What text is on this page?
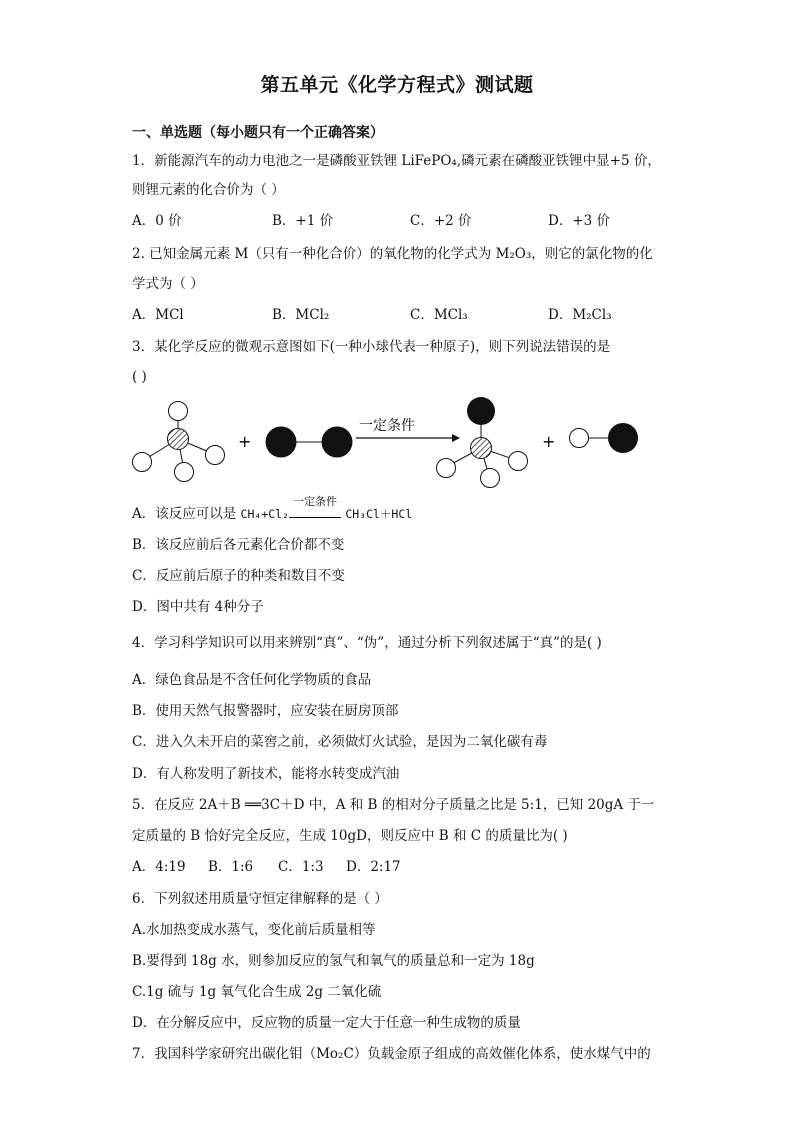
第五单元《化学方程式》测试题
一、单选题（每小题只有一个正确答案）
1．新能源汽车的动力电池之一是磷酸亚铁锂 LiFePO₄,磷元素在磷酸亚铁锂中显+5 价，
则锂元素的化合价为（ ）
A．0 价	B．+1 价	C．+2 价	D．+3 价
2. 已知金属元素 M（只有一种化合价）的氧化物的化学式为 M₂O₃，则它的氯化物的化
学式为（ ）
A．MCl	B．MCl₂	C．MCl₃	D．M₂Cl₃
3．某化学反应的微观示意图如下(一种小球代表一种原子)，则下列说法错误的是
( )
+
一定条件
+
A．该反应可以是 CH₄+Cl₂
一定条件
CH₃Cl＋HCl
B．该反应前后各元素化合价都不变
C．反应前后原子的种类和数目不变
D．图中共有 4种分子
4．学习科学知识可以用来辨别“真”、“伪”，通过分析下列叙述属于“真”的是( )
A．绿色食品是不含任何化学物质的食品
B．使用天然气报警器时，应安装在厨房顶部
C．进入久未开启的菜窖之前，必须做灯火试验，是因为二氧化碳有毒
D．有人称发明了新技术，能将水转变成汽油
5．在反应 2A＋B ══3C＋D 中，A 和 B 的相对分子质量之比是 5:1，已知 20gA 于一
定质量的 B 恰好完全反应，生成 10gD，则反应中 B 和 C 的质量比为( )
A．4:19 B．1:6 C．1:3 D．2:17
6．下列叙述用质量守恒定律解释的是（ ）
A.水加热变成水蒸气，变化前后质量相等
B.要得到 18g 水，则参加反应的氢气和氧气的质量总和一定为 18g
C.1g 硫与 1g 氧气化合生成 2g 二氧化硫
D．在分解反应中，反应物的质量一定大于任意一种生成物的质量
7．我国科学家研究出碳化钼（Mo₂C）负载金原子组成的高效催化体系，使水煤气中的
